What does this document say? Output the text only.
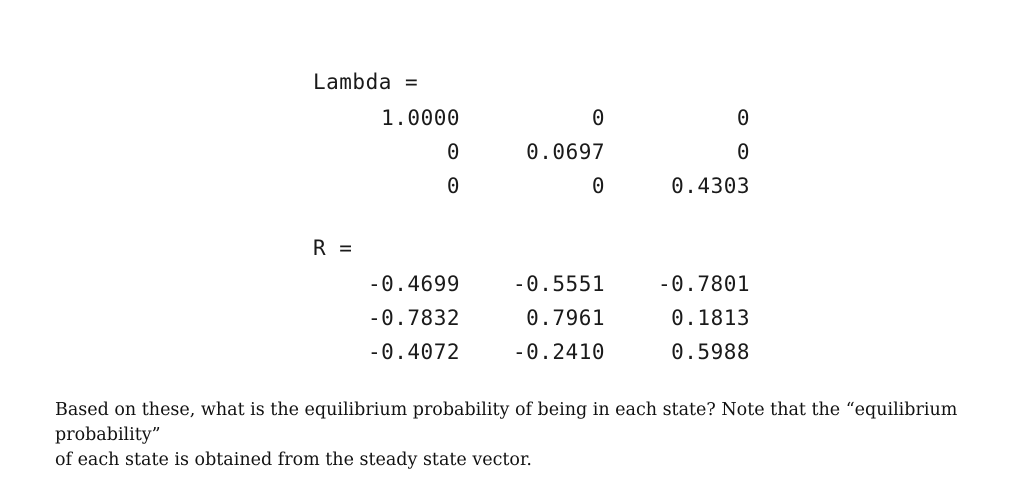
Lambda =
1.0000	0	0
0	0.0697	0
0	0	0.4303
R =
-0.4699	-0.5551	-0.7801
-0.7832	0.7961	0.1813
-0.4072	-0.2410	0.5988
Based on these, what is the equilibrium probability of being in each state? Note that the “equilibrium probability”
of each state is obtained from the steady state vector.
